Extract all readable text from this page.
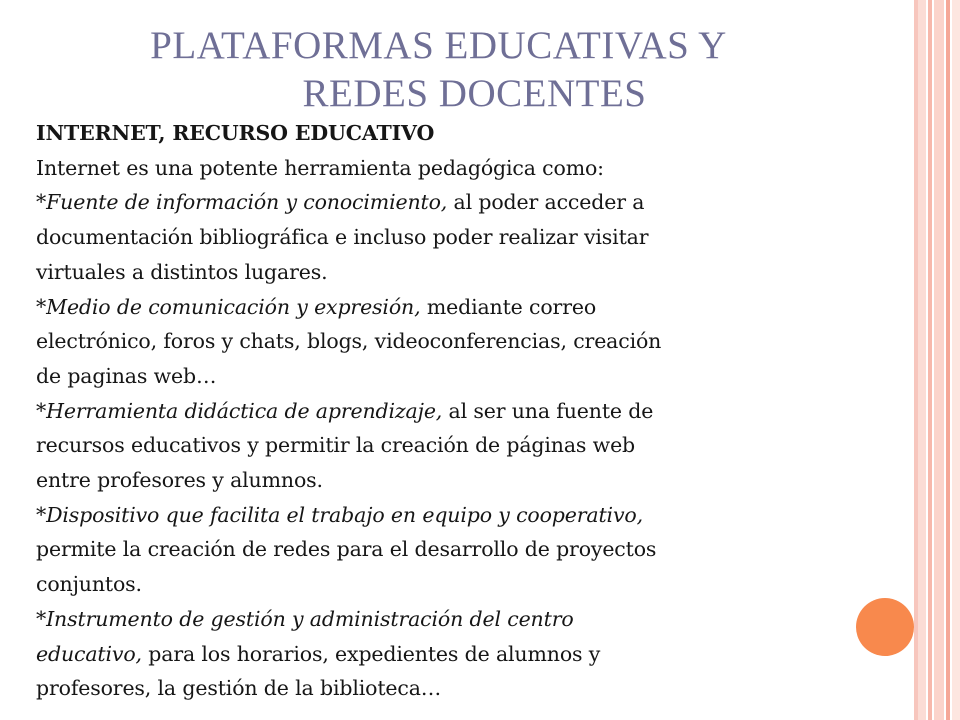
PLATAFORMAS EDUCATIVAS Y
REDES DOCENTES
INTERNET, RECURSO EDUCATIVO
Internet es una potente herramienta pedagógica como:
*Fuente de información y conocimiento, al poder acceder a
documentación bibliográfica e incluso poder realizar visitar
virtuales a distintos lugares.
*Medio de comunicación y expresión, mediante correo
electrónico, foros y chats, blogs, videoconferencias, creación
de paginas web…
*Herramienta didáctica de aprendizaje, al ser una fuente de
recursos educativos y permitir la creación de páginas web
entre profesores y alumnos.
*Dispositivo que facilita el trabajo en equipo y cooperativo,
permite la creación de redes para el desarrollo de proyectos
conjuntos.
*Instrumento de gestión y administración del centro
educativo, para los horarios, expedientes de alumnos y
profesores, la gestión de la biblioteca…
